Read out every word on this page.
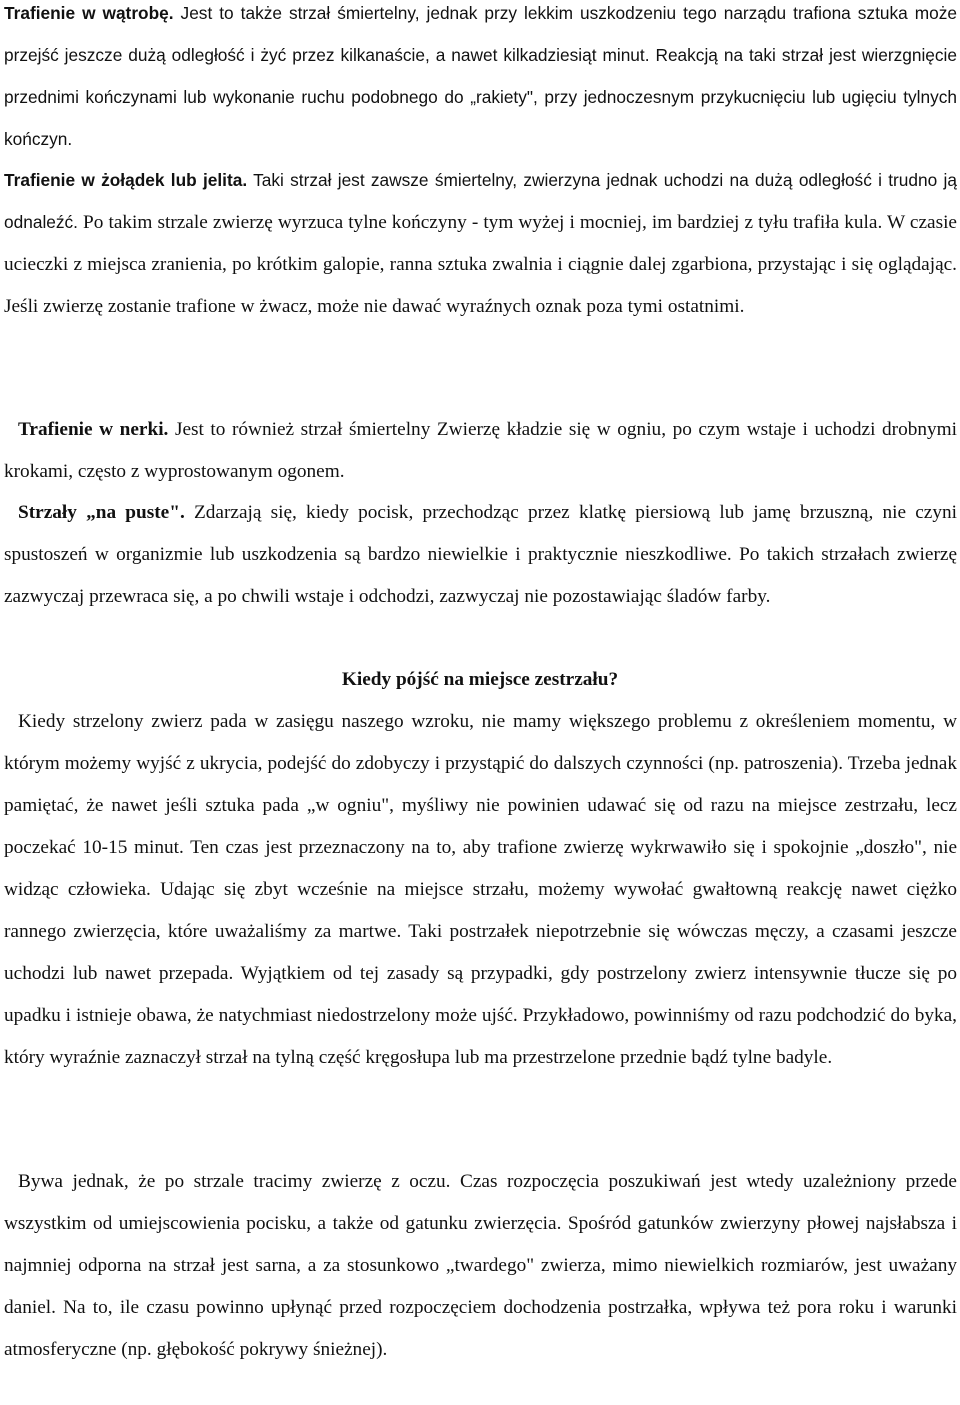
Trafienie w wątrobę. Jest to także strzał śmiertelny, jednak przy lekkim uszkodzeniu tego narządu trafiona sztuka może przejść jeszcze dużą odległość i żyć przez kilkanaście, a nawet kilkadziesiąt minut. Reakcją na taki strzał jest wierzgnięcie przednimi kończynami lub wykonanie ruchu podobnego do „rakiety", przy jednoczesnym przykucnięciu lub ugięciu tylnych kończyn.

Trafienie w żołądek lub jelita. Taki strzał jest zawsze śmiertelny, zwierzyna jednak uchodzi na dużą odległość i trudno ją odnaleźć. Po takim strzale zwierzę wyrzuca tylne kończyny - tym wyżej i mocniej, im bardziej z tyłu trafiła kula. W czasie ucieczki z miejsca zranienia, po krótkim galopie, ranna sztuka zwalnia i ciągnie dalej zgarbiona, przystając i się oglądając. Jeśli zwierzę zostanie trafione w żwacz, może nie dawać wyraźnych oznak poza tymi ostatnimi.

Trafienie w nerki. Jest to również strzał śmiertelny Zwierzę kładzie się w ogniu, po czym wstaje i uchodzi drobnymi krokami, często z wyprostowanym ogonem.

Strzały „na puste". Zdarzają się, kiedy pocisk, przechodząc przez klatkę piersiową lub jamę brzuszną, nie czyni spustoszeń w organizmie lub uszkodzenia są bardzo niewielkie i praktycznie nieszkodliwe. Po takich strzałach zwierzę zazwyczaj przewraca się, a po chwili wstaje i odchodzi, zazwyczaj nie pozostawiając śladów farby.

Kiedy pójść na miejsce zestrzału?

Kiedy strzelony zwierz pada w zasięgu naszego wzroku, nie mamy większego problemu z określeniem momentu, w którym możemy wyjść z ukrycia, podejść do zdobyczy i przystąpić do dalszych czynności (np. patroszenia). Trzeba jednak pamiętać, że nawet jeśli sztuka pada „w ogniu", myśliwy nie powinien udawać się od razu na miejsce zestrzału, lecz poczekać 10-15 minut. Ten czas jest przeznaczony na to, aby trafione zwierzę wykrwawiło się i spokojnie „doszło", nie widząc człowieka. Udając się zbyt wcześnie na miejsce strzału, możemy wywołać gwałtowną reakcję nawet ciężko rannego zwierzęcia, które uważaliśmy za martwe. Taki postrzałek niepotrzebnie się wówczas męczy, a czasami jeszcze uchodzi lub nawet przepada. Wyjątkiem od tej zasady są przypadki, gdy postrzelony zwierz intensywnie tłucze się po upadku i istnieje obawa, że natychmiast niedostrzelony może ujść. Przykładowo, powinniśmy od razu podchodzić do byka, który wyraźnie zaznaczył strzał na tylną część kręgosłupa lub ma przestrzelone przednie bądź tylne badyle.

Bywa jednak, że po strzale tracimy zwierzę z oczu. Czas rozpoczęcia poszukiwań jest wtedy uzależniony przede wszystkim od umiejscowienia pocisku, a także od gatunku zwierzęcia. Spośród gatunków zwierzyny płowej najsłabsza i najmniej odporna na strzał jest sarna, a za stosunkowo „twardego" zwierza, mimo niewielkich rozmiarów, jest uważany daniel. Na to, ile czasu powinno upłynąć przed rozpoczęciem dochodzenia postrzałka, wpływa też pora roku i warunki atmosferyczne (np. głębokość pokrywy śnieżnej).
